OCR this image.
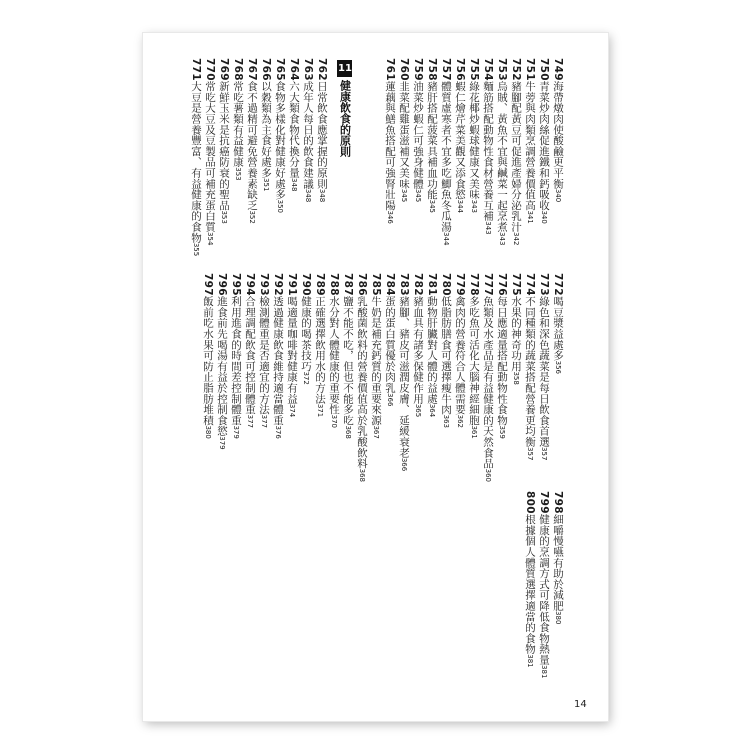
749海帶燉肉使酸鹼更平衡340
750青菜炒肉絲促進鐵和鈣吸收340
751牛蒡與肉類烹調營養價值高341
752豬腳配黃豆可促進產婦分泌乳汁342
753烏賊、黃魚不宜與鹹菜一起烹煮343
754麵筋搭配動物性食材營養互補343
755綠花椰炒蝦球健康又美味343
756蝦仁燴芹菜美觀又添食慾344
757體質虛寒者不宜多吃鯽魚冬瓜湯344
758豬肝搭配菠菜具補血功能345
759油菜炒蝦仁可強身健體345
760韭菜配雞蛋滋補又美味345
761蓮藕與鱔魚搭配可強腎壯陽346
11健康飲食的原則
762日常飲食應掌握的原則348
763成年人每日的飲食建議348
764六大類食物代換分量348
765食物多樣化對健康好處多350
766以穀類為主食好處多351
767食不過精可避免營養素缺乏352
768常吃薯類有益健康353
769新鮮玉米是抗癌防衰的聖品353
770常吃大豆及豆製品可補充蛋白質354
771大豆是營養豐富、有益健康的食物355
772喝豆漿益處多356
773綠色和深色蔬菜是每日飲食首選357
774不同種類的蔬菜搭配營養更均衡357
775水果的神奇功用358
776每日應適量搭配動物性食物359
777魚類及水產品是有益健康的天然食品360
778多吃魚可活化大腦神經細胞361
779禽肉的營養符合人體需要362
780低脂肪膳食可選擇瘦牛肉363
781動物肝臟對人體的益處364
782豬血具有諸多保健作用365
783豬腳、豬皮可滋潤皮膚、延緩衰老366
784蛋的蛋白質優於肉乳366
785牛奶是補充鈣質的重要來源367
786乳酸菌飲料的營養價值高於乳酸飲料368
787鹽不能不吃，但也不能多吃368
788水分對人體健康的重要性370
789正確選擇飲用水的方法371
790健康的喝茶技巧372
791喝適量咖啡對健康有益374
792透過健康飲食維持適當體重376
793檢測體重是否適宜的方法377
794合理調配飲食可控制體重377
795利用進食的時間差控制體重379
796進食前先喝湯有益於控制食慾379
797飯前吃水果可防止脂肪堆積380
798細嚼慢嚥有助於減肥380
799健康的烹調方式可降低食物熱量381
800根據個人體質選擇適當的食物381
14
